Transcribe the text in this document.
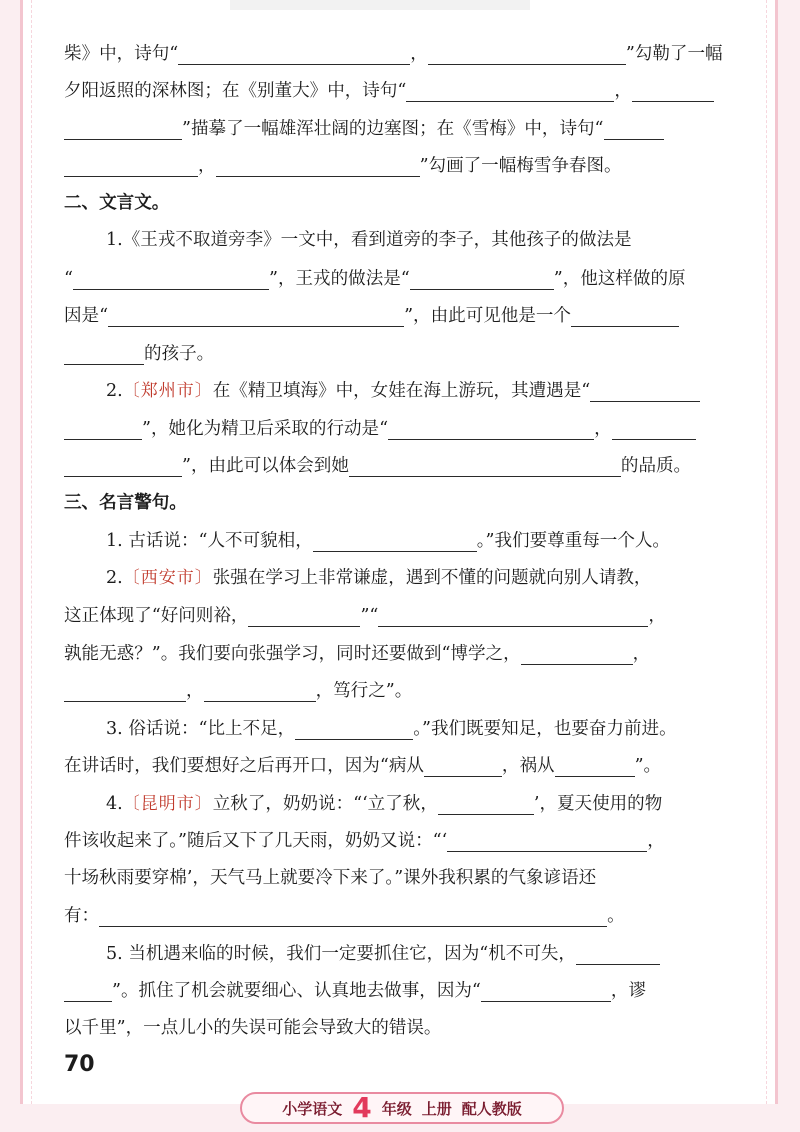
柴》中，诗句“	，	”勾勒了一幅
夕阳返照的深林图；在《别董大》中，诗句“	，
”描摹了一幅雄浑壮阔的边塞图；在《雪梅》中，诗句“
，	”勾画了一幅梅雪争春图。
二、文言文。
1.《王戎不取道旁李》一文中，看到道旁的李子，其他孩子的做法是
“	”，王戎的做法是“	”，他这样做的原
因是“	”，由此可见他是一个
的孩子。
2.〔郑州市〕在《精卫填海》中，女娃在海上游玩，其遭遇是“
”，她化为精卫后采取的行动是“	，
”，由此可以体会到她	的品质。
三、名言警句。
1. 古话说：“人不可貌相，	。”我们要尊重每一个人。
2.〔西安市〕张强在学习上非常谦虚，遇到不懂的问题就向别人请教，
这正体现了“好问则裕，	”“	，
孰能无惑？”。我们要向张强学习，同时还要做到“博学之，	，
，	，笃行之”。
3. 俗话说：“比上不足，	。”我们既要知足，也要奋力前进。
在讲话时，我们要想好之后再开口，因为“病从	，祸从	”。
4.〔昆明市〕立秋了，奶奶说：“‘立了秋，	’，夏天使用的物
件该收起来了。”随后又下了几天雨，奶奶又说：“‘	，
70
小学语文 4 年级 上册 配人教版
十场秋雨要穿棉’，天气马上就要冷下来了。”课外我积累的气象谚语还
有：	。
5. 当机遇来临的时候，我们一定要抓住它，因为“机不可失，
”。抓住了机会就要细心、认真地去做事，因为“	，谬
以千里”，一点儿小的失误可能会导致大的错误。
